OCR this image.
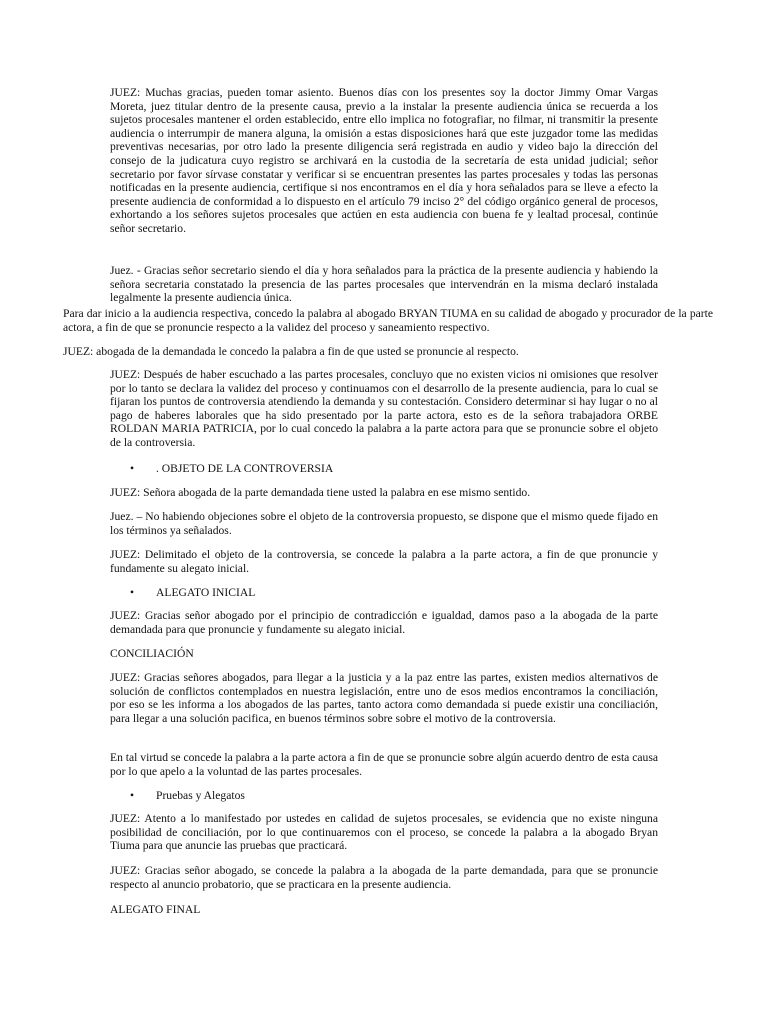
JUEZ: Muchas gracias, pueden tomar asiento. Buenos días con los presentes soy la doctor Jimmy Omar Vargas Moreta, juez titular dentro de la presente causa, previo a la instalar la presente audiencia única se recuerda a los sujetos procesales mantener el orden establecido, entre ello implica no fotografiar, no filmar, ni transmitir la presente audiencia o interrumpir de manera alguna, la omisión a estas disposiciones hará que este juzgador tome las medidas preventivas necesarias, por otro lado la presente diligencia será registrada en audio y video bajo la dirección del consejo de la judicatura cuyo registro se archivará en la custodia de la secretaría de esta unidad judicial; señor secretario por favor sírvase constatar y verificar si se encuentran presentes las partes procesales y todas las personas notificadas en la presente audiencia, certifique si nos encontramos en el día y hora señalados para se lleve a efecto la presente audiencia de conformidad a lo dispuesto en el artículo 79 inciso 2° del código orgánico general de procesos, exhortando a los señores sujetos procesales que actúen en esta audiencia con buena fe y lealtad procesal, continúe señor secretario.

Juez. - Gracias señor secretario siendo el día y hora señalados para la práctica de la presente audiencia y habiendo la señora secretaria constatado la presencia de las partes procesales que intervendrán en la misma declaró instalada legalmente la presente audiencia única.

Para dar inicio a la audiencia respectiva, concedo la palabra al abogado BRYAN TIUMA en su calidad de abogado y procurador de la parte actora, a fin de que se pronuncie respecto a la validez del proceso y saneamiento respectivo.

JUEZ: abogada de la demandada le concedo la palabra a fin de que usted se pronuncie al respecto.

JUEZ: Después de haber escuchado a las partes procesales, concluyo que no existen vicios ni omisiones que resolver por lo tanto se declara la validez del proceso y continuamos con el desarrollo de la presente audiencia, para lo cual se fijaran los puntos de controversia atendiendo la demanda y su contestación. Considero determinar si hay lugar o no al pago de haberes laborales que ha sido presentado por la parte actora, esto es de la señora trabajadora ORBE ROLDAN MARIA PATRICIA, por lo cual concedo la palabra a la parte actora para que se pronuncie sobre el objeto de la controversia.

• . OBJETO DE LA CONTROVERSIA

JUEZ: Señora abogada de la parte demandada tiene usted la palabra en ese mismo sentido.

Juez. – No habiendo objeciones sobre el objeto de la controversia propuesto, se dispone que el mismo quede fijado en los términos ya señalados.

JUEZ: Delimitado el objeto de la controversia, se concede la palabra a la parte actora, a fin de que pronuncie y fundamente su alegato inicial.

• ALEGATO INICIAL

JUEZ: Gracias señor abogado por el principio de contradicción e igualdad, damos paso a la abogada de la parte demandada para que pronuncie y fundamente su alegato inicial.

CONCILIACIÓN

JUEZ: Gracias señores abogados, para llegar a la justicia y a la paz entre las partes, existen medios alternativos de solución de conflictos contemplados en nuestra legislación, entre uno de esos medios encontramos la conciliación, por eso se les informa a los abogados de las partes, tanto actora como demandada si puede existir una conciliación, para llegar a una solución pacifica, en buenos términos sobre sobre el motivo de la controversia.

En tal virtud se concede la palabra a la parte actora a fin de que se pronuncie sobre algún acuerdo dentro de esta causa por lo que apelo a la voluntad de las partes procesales.

• Pruebas y Alegatos

JUEZ: Atento a lo manifestado por ustedes en calidad de sujetos procesales, se evidencia que no existe ninguna posibilidad de conciliación, por lo que continuaremos con el proceso, se concede la palabra a la abogado Bryan Tiuma para que anuncie las pruebas que practicará.

JUEZ: Gracias señor abogado, se concede la palabra a la abogada de la parte demandada, para que se pronuncie respecto al anuncio probatorio, que se practicara en la presente audiencia.

ALEGATO FINAL
